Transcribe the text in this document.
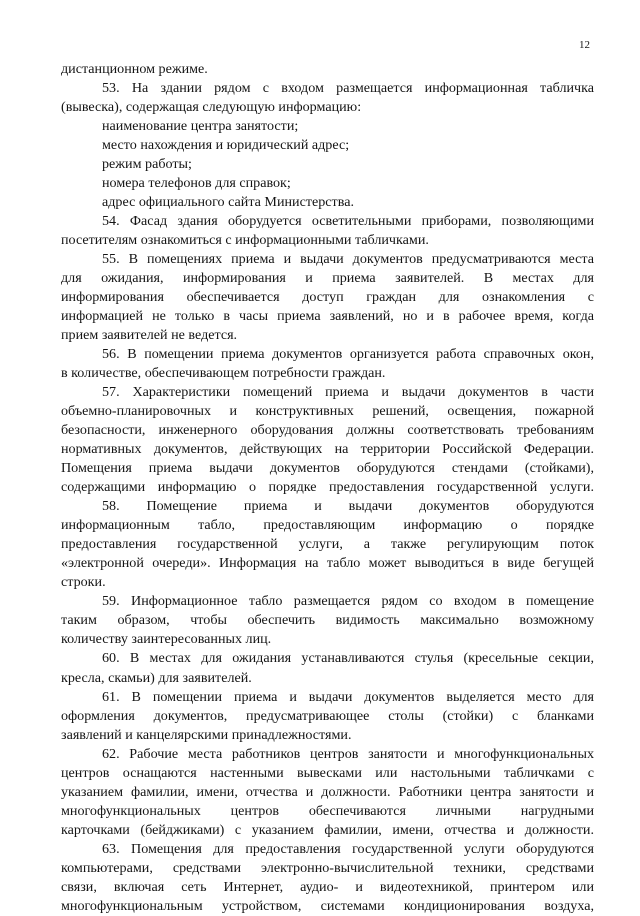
12
дистанционном режиме.
53. На здании рядом с входом размещается информационная табличка
(вывеска), содержащая следующую информацию:
наименование центра занятости;
место нахождения и юридический адрес;
режим работы;
номера телефонов для справок;
адрес официального сайта Министерства.
54. Фасад здания оборудуется осветительными приборами, позволяющими
посетителям ознакомиться с информационными табличками.
55. В помещениях приема и выдачи документов предусматриваются места
для ожидания, информирования и приема заявителей. В местах для
информирования обеспечивается доступ граждан для ознакомления с
информацией не только в часы приема заявлений, но и в рабочее время, когда
прием заявителей не ведется.
56. В помещении приема документов организуется работа справочных окон,
в количестве, обеспечивающем потребности граждан.
57. Характеристики помещений приема и выдачи документов в части
объемно-планировочных и конструктивных решений, освещения, пожарной
безопасности, инженерного оборудования должны соответствовать требованиям
нормативных документов, действующих на территории Российской Федерации.
Помещения приема выдачи документов оборудуются стендами (стойками),
содержащими информацию о порядке предоставления государственной услуги.
58. Помещение приема и выдачи документов оборудуются
информационным табло, предоставляющим информацию о порядке
предоставления государственной услуги, а также регулирующим поток
«электронной очереди». Информация на табло может выводиться в виде бегущей
строки.
59. Информационное табло размещается рядом со входом в помещение
таким образом, чтобы обеспечить видимость максимально возможному
количеству заинтересованных лиц.
60. В местах для ожидания устанавливаются стулья (кресельные секции,
кресла, скамьи) для заявителей.
61. В помещении приема и выдачи документов выделяется место для
оформления документов, предусматривающее столы (стойки) с бланками
заявлений и канцелярскими принадлежностями.
62. Рабочие места работников центров занятости и многофункциональных
центров оснащаются настенными вывесками или настольными табличками с
указанием фамилии, имени, отчества и должности. Работники центра занятости и
многофункциональных центров обеспечиваются личными нагрудными
карточками (бейджиками) с указанием фамилии, имени, отчества и должности.
63. Помещения для предоставления государственной услуги оборудуются
компьютерами, средствами электронно-вычислительной техники, средствами
связи, включая сеть Интернет, аудио- и видеотехникой, принтером или
многофункциональным устройством, системами кондиционирования воздуха,
